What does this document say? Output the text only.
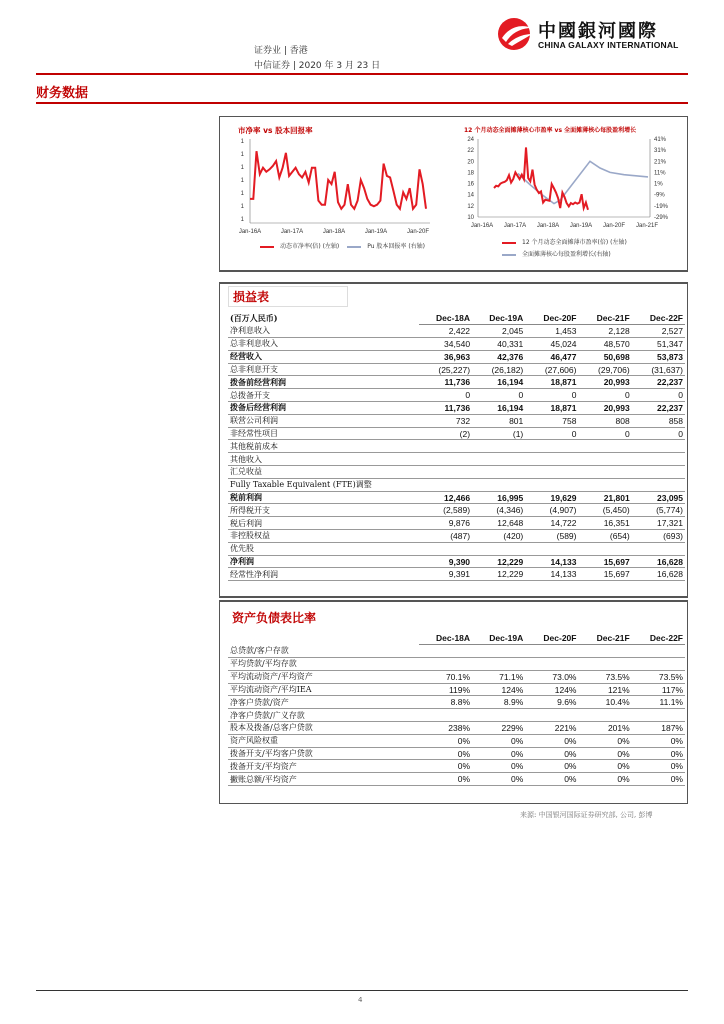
证券业 | 香港
中信证券 | 2020 年 3 月 23 日
中國銀河國際
CHINA GALAXY INTERNATIONAL
财务数据
市净率 vs 股本回报率	12 个月动态全面摊薄核心市盈率 vs 全面摊薄核心每股盈利增长
1
1
1
1
1
1
1
Jan-16A	Jan-17A	Jan-18A	Jan-19A	Jan-20F
24
22
20
18
16
14
12
10
41%
31%
21%
11%
1%
-9%
-19%
-29%
Jan-16A Jan-17A Jan-18A Jan-19A Jan-20F Jan-21F
动态市净率(倍) (左轴)	Pu 股本回报率 (右轴)
12 个月动态全面摊薄市盈率(倍) (左轴)
全面摊薄核心每股盈利增长(右轴)
损益表
(百万人民币)	Dec-18A	Dec-19A	Dec-20F	Dec-21F	Dec-22F
净利息收入	2,422	2,045	1,453	2,128	2,527
总非利息收入	34,540	40,331	45,024	48,570	51,347
经营收入	36,963	42,376	46,477	50,698	53,873
总非利息开支	(25,227)	(26,182)	(27,606)	(29,706)	(31,637)
拨备前经营利润	11,736	16,194	18,871	20,993	22,237
总拨备开支	0	0	0	0	0
拨备后经营利润	11,736	16,194	18,871	20,993	22,237
联营公司利润	732	801	758	808	858
非经常性项目	(2)	(1)	0	0	0
其他税前成本					
其他收入					
汇兑收益					
Fully Taxable Equivalent (FTE)调整					
税前利润	12,466	16,995	19,629	21,801	23,095
所得税开支	(2,589)	(4,346)	(4,907)	(5,450)	(5,774)
税后利润	9,876	12,648	14,722	16,351	17,321
非控股权益	(487)	(420)	(589)	(654)	(693)
优先股					
净利润	9,390	12,229	14,133	15,697	16,628
经常性净利润	9,391	12,229	14,133	15,697	16,628
资产负债表比率
	Dec-18A	Dec-19A	Dec-20F	Dec-21F	Dec-22F
总贷款/客户存款					
平均贷款/平均存款					
平均流动资产/平均资产	70.1%	71.1%	73.0%	73.5%	73.5%
平均流动资产/平均IEA	119%	124%	124%	121%	117%
净客户贷款/资产	8.8%	8.9%	9.6%	10.4%	11.1%
净客户贷款/广义存款					
股本及拨备/总客户贷款	238%	229%	221%	201%	187%
资产风险权重	0%	0%	0%	0%	0%
拨备开支/平均客户贷款	0%	0%	0%	0%	0%
拨备开支/平均资产	0%	0%	0%	0%	0%
撇账总额/平均资产	0%	0%	0%	0%	0%
来源: 中国银河国际证券研究部, 公司, 彭博
4
